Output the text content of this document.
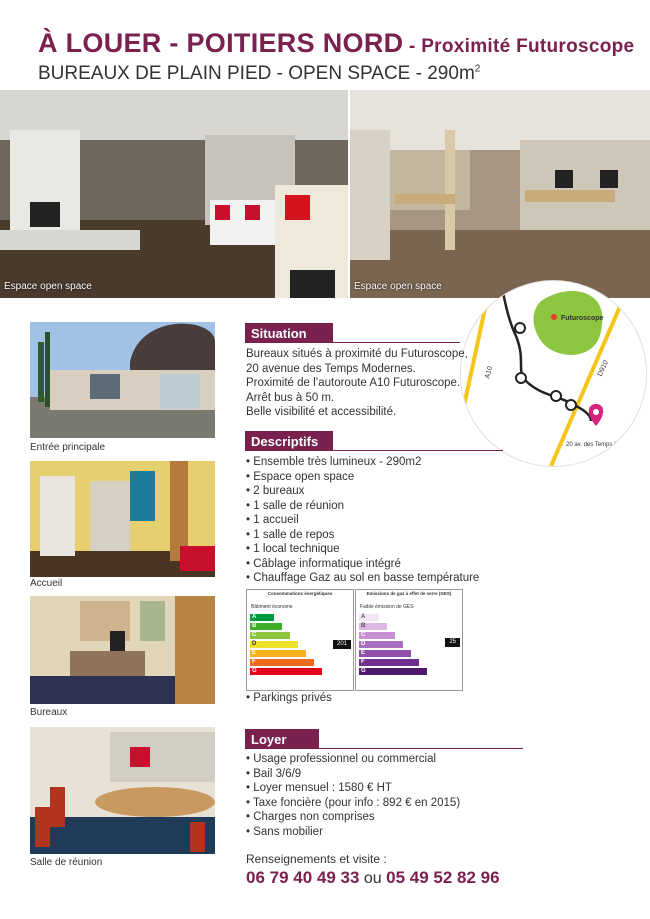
À LOUER - POITIERS NORD - Proximité Futuroscope
BUREAUX DE PLAIN PIED - OPEN SPACE - $290m^2$
Espace open space	Espace open space
Futuroscope
A10	D910
20 av. des Temps Modernes
Entrée principale
Accueil
Bureaux
Salle de réunion
Situation
Bureaux situés à proximité du Futuroscope,
20 avenue des Temps Modernes.
Proximité de l’autoroute A10 Futuroscope.
Arrêt bus à 50 m.
Belle visibilité et accessibilité.
Descriptifs
• Ensemble très lumineux - 290m2
• Espace open space
• 2 bureaux
• 1 salle de réunion
• 1 accueil
• 1 salle de repos
• 1 local technique
• Câblage informatique intégré
• Chauffage Gaz au sol en basse température
Consommations énergétiques
Bâtiment économe
A
B
C
D
E
F
G
201
Emissions de gaz à effet de serre (GES)
Faible émission de GES
A
B
C
D
E
F
G
25
• Parkings privés
Loyer
• Usage professionnel ou commercial
• Bail 3/6/9
• Loyer mensuel : 1580 € HT
• Taxe foncière (pour info : 892 € en 2015)
• Charges non comprises
• Sans mobilier
Renseignements et visite :
06 79 40 49 33 ou 05 49 52 82 96
